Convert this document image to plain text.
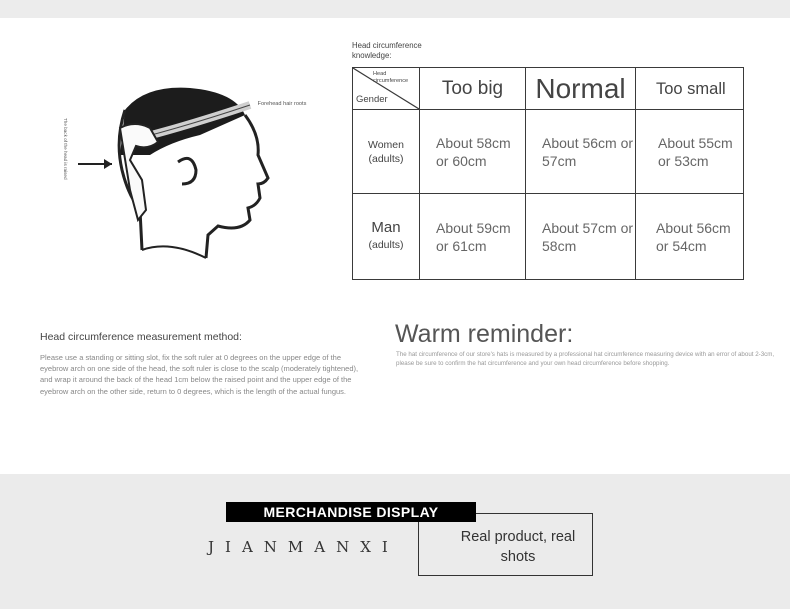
The back of the head is raised
Forehead hair roots
Head circumference knowledge:
Head circumference
Gender	Too big	Normal	Too small
Women
(adults)	About 58cm or 60cm	About 56cm or 57cm	About 55cm or 53cm
Man
(adults)	About 59cm or 61cm	About 57cm or 58cm	About 56cm or 54cm
Head circumference measurement method:
Please use a standing or sitting slot, fix the soft ruler at 0 degrees on the upper edge of the eyebrow arch on one side of the head, the soft ruler is close to the scalp (moderately tightened), and wrap it around the back of the head 1cm below the raised point and the upper edge of the eyebrow arch on the other side, return to 0 degrees, which is the length of the actual fungus.
Warm reminder:
The hat circumference of our store's hats is measured by a professional hat circumference measuring device with an error of about 2-3cm, please be sure to confirm the hat circumference and your own head circumference before shopping.
MERCHANDISE DISPLAY
JIANMANXI
Real product, real shots
